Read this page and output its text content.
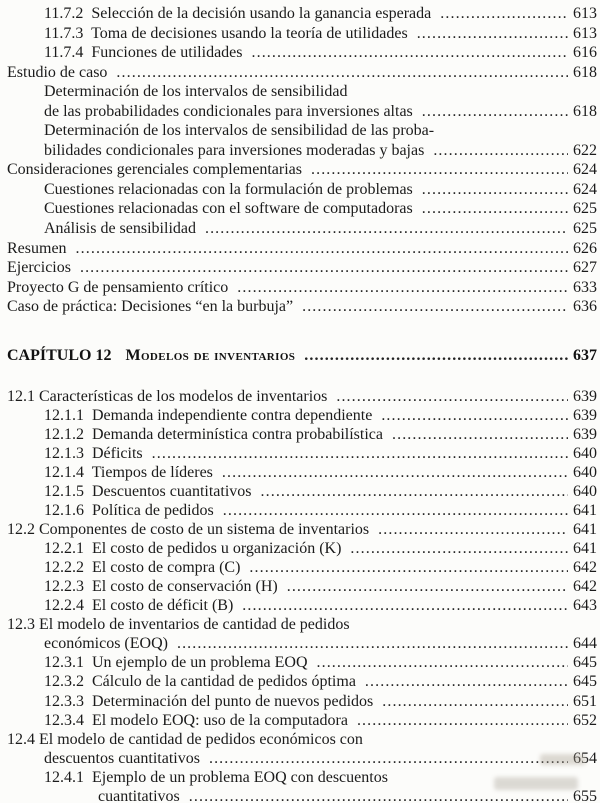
11.7.2  Selección de la decisión usando la ganancia esperada .....	613
11.7.3  Toma de decisiones usando la teoría de utilidades .....	613
11.7.4  Funciones de utilidades .....	616
Estudio de caso .....	618
Determinación de los intervalos de sensibilidad
de las probabilidades condicionales para inversiones altas .....	618
Determinación de los intervalos de sensibilidad de las proba-
bilidades condicionales para inversiones moderadas y bajas .....	622
Consideraciones gerenciales complementarias .....	624
Cuestiones relacionadas con la formulación de problemas .....	624
Cuestiones relacionadas con el software de computadoras .....	625
Análisis de sensibilidad .....	625
Resumen .....	626
Ejercicios .....	627
Proyecto G de pensamiento crítico .....	633
Caso de práctica: Decisiones “en la burbuja” .....	636
CAPÍTULO 12 Modelos de inventarios .....	637
12.1 Características de los modelos de inventarios .....	639
12.1.1  Demanda independiente contra dependiente .....	639
12.1.2  Demanda determinística contra probabilística .....	639
12.1.3  Déficits .....	640
12.1.4  Tiempos de líderes .....	640
12.1.5  Descuentos cuantitativos .....	640
12.1.6  Política de pedidos .....	641
12.2 Componentes de costo de un sistema de inventarios .....	641
12.2.1  El costo de pedidos u organización (K) .....	641
12.2.2  El costo de compra (C) .....	642
12.2.3  El costo de conservación (H) .....	642
12.2.4  El costo de déficit (B) .....	643
12.3 El modelo de inventarios de cantidad de pedidos
económicos (EOQ) .....	644
12.3.1  Un ejemplo de un problema EOQ .....	645
12.3.2  Cálculo de la cantidad de pedidos óptima .....	645
12.3.3  Determinación del punto de nuevos pedidos .....	651
12.3.4  El modelo EOQ: uso de la computadora .....	652
12.4 El modelo de cantidad de pedidos económicos con
descuentos cuantitativos .....	654
12.4.1  Ejemplo de un problema EOQ con descuentos
cuantitativos .....	655
